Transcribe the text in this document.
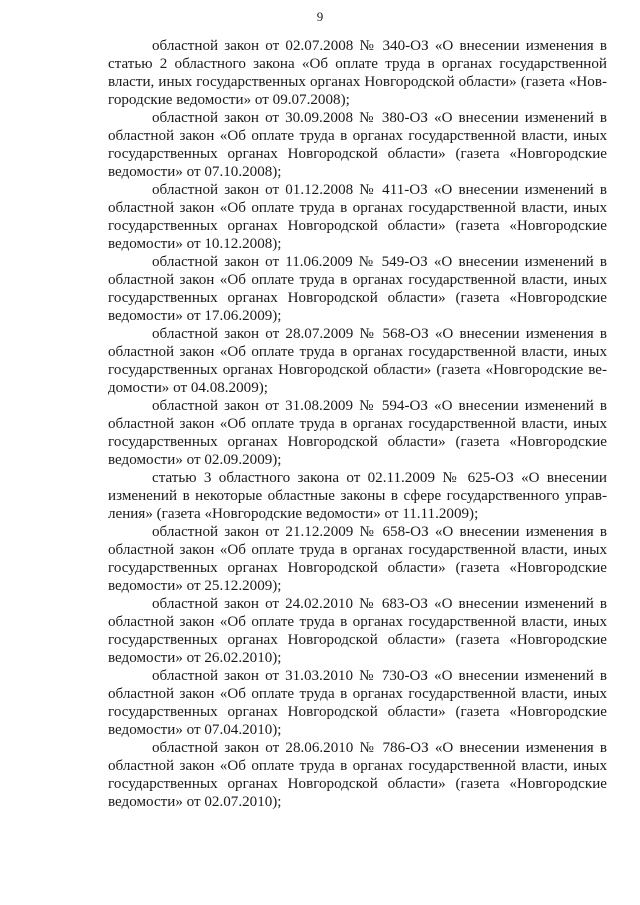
9

областной закон от 02.07.2008 № 340-ОЗ «О внесении изменения в статью 2 областного закона «Об оплате труда в органах государственной власти, иных государственных органах Новгородской области» (газета «Новгородские ведомости» от 09.07.2008);

областной закон от 30.09.2008 № 380-ОЗ «О внесении изменений в областной закон «Об оплате труда в органах государственной власти, иных государственных органах Новгородской области» (газета «Новгородские ведомости» от 07.10.2008);

областной закон от 01.12.2008 № 411-ОЗ «О внесении изменений в областной закон «Об оплате труда в органах государственной власти, иных государственных органах Новгородской области» (газета «Новгородские ведомости» от 10.12.2008);

областной закон от 11.06.2009 № 549-ОЗ «О внесении изменений в областной закон «Об оплате труда в органах государственной власти, иных государственных органах Новгородской области» (газета «Новгородские ведомости» от 17.06.2009);

областной закон от 28.07.2009 № 568-ОЗ «О внесении изменения в областной закон «Об оплате труда в органах государственной власти, иных государственных органах Новгородской области» (газета «Новгородские ведомости» от 04.08.2009);

областной закон от 31.08.2009 № 594-ОЗ «О внесении изменений в областной закон «Об оплате труда в органах государственной власти, иных государственных органах Новгородской области» (газета «Новгородские ведомости» от 02.09.2009);

статью 3 областного закона от 02.11.2009 № 625-ОЗ «О внесении изменений в некоторые областные законы в сфере государственного управления» (газета «Новгородские ведомости» от 11.11.2009);

областной закон от 21.12.2009 № 658-ОЗ «О внесении изменения в областной закон «Об оплате труда в органах государственной власти, иных государственных органах Новгородской области» (газета «Новгородские ведомости» от 25.12.2009);

областной закон от 24.02.2010 № 683-ОЗ «О внесении изменений в областной закон «Об оплате труда в органах государственной власти, иных государственных органах Новгородской области» (газета «Новгородские ведомости» от 26.02.2010);

областной закон от 31.03.2010 № 730-ОЗ «О внесении изменений в областной закон «Об оплате труда в органах государственной власти, иных государственных органах Новгородской области» (газета «Новгородские ведомости» от 07.04.2010);

областной закон от 28.06.2010 № 786-ОЗ «О внесении изменения в областной закон «Об оплате труда в органах государственной власти, иных государственных органах Новгородской области» (газета «Новгородские ведомости» от 02.07.2010);
